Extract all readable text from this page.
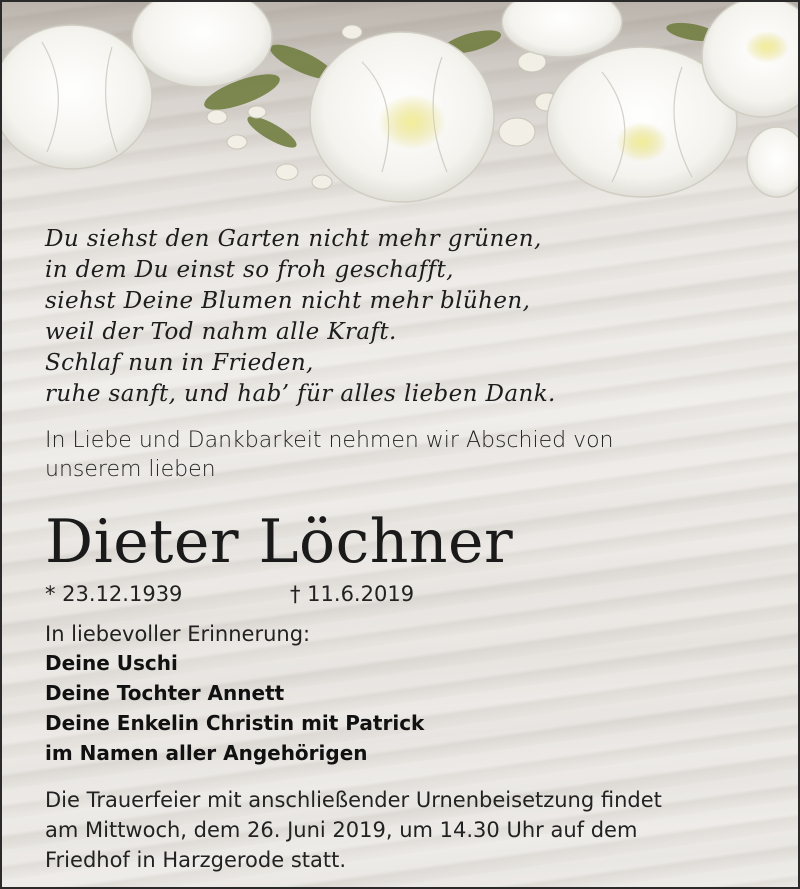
Du siehst den Garten nicht mehr grünen,
in dem Du einst so froh geschafft,
siehst Deine Blumen nicht mehr blühen,
weil der Tod nahm alle Kraft.
Schlaf nun in Frieden,
ruhe sanft, und hab’ für alles lieben Dank.
In Liebe und Dankbarkeit nehmen wir Abschied von
unserem lieben
Dieter Löchner
* 23.12.1939	† 11.6.2019
In liebevoller Erinnerung:
Deine Uschi
Deine Tochter Annett
Deine Enkelin Christin mit Patrick
im Namen aller Angehörigen
Die Trauerfeier mit anschließender Urnenbeisetzung findet
am Mittwoch, dem 26. Juni 2019, um 14.30 Uhr auf dem
Friedhof in Harzgerode statt.
